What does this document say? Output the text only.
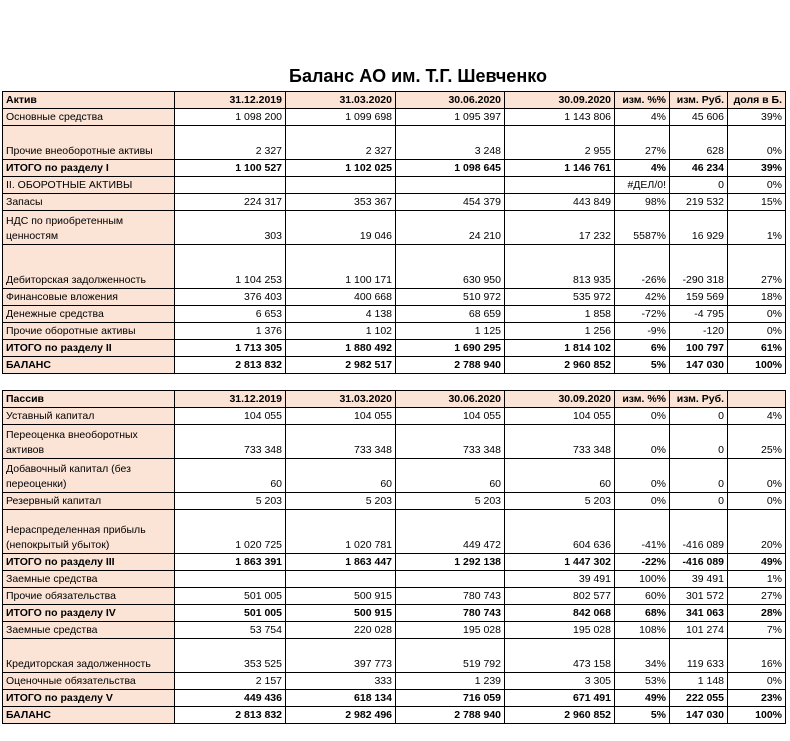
Баланс АО им. Т.Г. Шевченко
Актив	31.12.2019	31.03.2020	30.06.2020	30.09.2020	изм. %%	изм. Руб.	доля в Б.
Основные средства	1 098 200	1 099 698	1 095 397	1 143 806	4%	45 606	39%
Прочие внеоборотные активы	2 327	2 327	3 248	2 955	27%	628	0%
ИТОГО по разделу I	1 100 527	1 102 025	1 098 645	1 146 761	4%	46 234	39%
II. ОБОРОТНЫЕ АКТИВЫ					#ДЕЛ/0!	0	0%
Запасы	224 317	353 367	454 379	443 849	98%	219 532	15%
НДС по приобретенным ценностям	303	19 046	24 210	17 232	5587%	16 929	1%
Дебиторская задолженность	1 104 253	1 100 171	630 950	813 935	-26%	-290 318	27%
Финансовые вложения	376 403	400 668	510 972	535 972	42%	159 569	18%
Денежные средства	6 653	4 138	68 659	1 858	-72%	-4 795	0%
Прочие оборотные активы	1 376	1 102	1 125	1 256	-9%	-120	0%
ИТОГО по разделу II	1 713 305	1 880 492	1 690 295	1 814 102	6%	100 797	61%
БАЛАНС	2 813 832	2 982 517	2 788 940	2 960 852	5%	147 030	100%
Пассив	31.12.2019	31.03.2020	30.06.2020	30.09.2020	изм. %%	изм. Руб.	
Уставный капитал	104 055	104 055	104 055	104 055	0%	0	4%
Переоценка внеоборотных активов	733 348	733 348	733 348	733 348	0%	0	25%
Добавочный капитал (без переоценки)	60	60	60	60	0%	0	0%
Резервный капитал	5 203	5 203	5 203	5 203	0%	0	0%
Нераспределенная прибыль (непокрытый убыток)	1 020 725	1 020 781	449 472	604 636	-41%	-416 089	20%
ИТОГО по разделу III	1 863 391	1 863 447	1 292 138	1 447 302	-22%	-416 089	49%
Заемные средства				39 491	100%	39 491	1%
Прочие обязательства	501 005	500 915	780 743	802 577	60%	301 572	27%
ИТОГО по разделу IV	501 005	500 915	780 743	842 068	68%	341 063	28%
Заемные средства	53 754	220 028	195 028	195 028	108%	101 274	7%
Кредиторская задолженность	353 525	397 773	519 792	473 158	34%	119 633	16%
Оценочные обязательства	2 157	333	1 239	3 305	53%	1 148	0%
ИТОГО по разделу V	449 436	618 134	716 059	671 491	49%	222 055	23%
БАЛАНС	2 813 832	2 982 496	2 788 940	2 960 852	5%	147 030	100%
